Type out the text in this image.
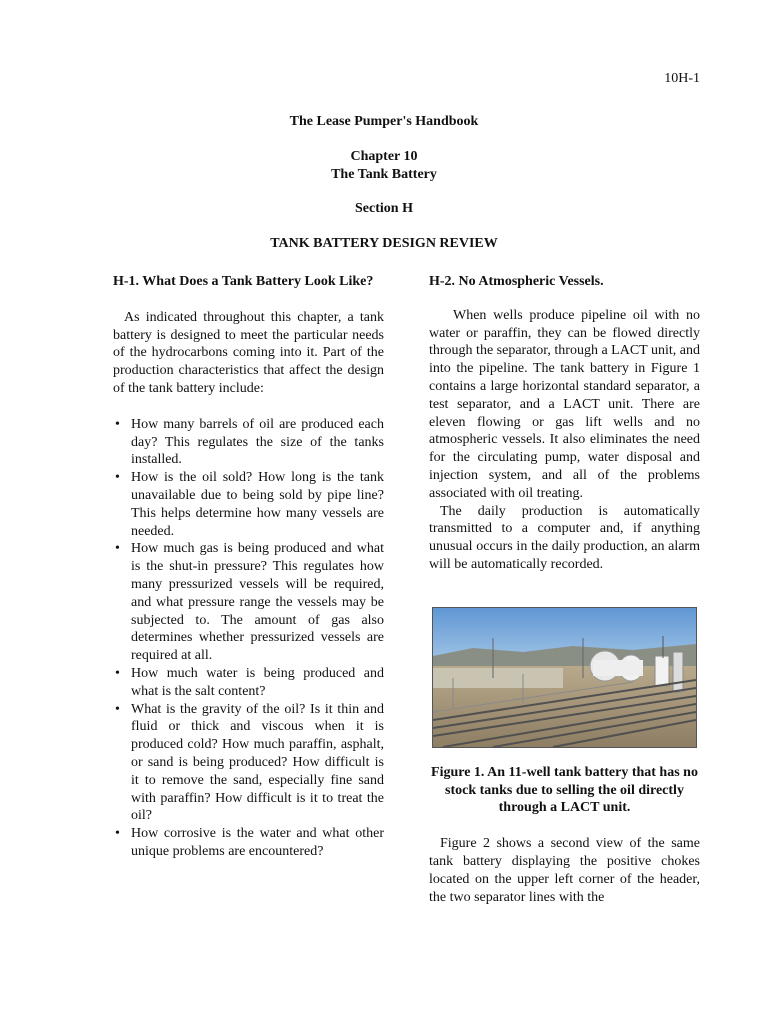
10H-1
The Lease Pumper's Handbook
Chapter 10
The Tank Battery
Section H
TANK BATTERY DESIGN REVIEW

H-1. What Does a Tank Battery Look Like?

As indicated throughout this chapter, a tank battery is designed to meet the particular needs of the hydrocarbons coming into it. Part of the production characteristics that affect the design of the tank battery include:

• How many barrels of oil are produced each day? This regulates the size of the tanks installed.
• How is the oil sold? How long is the tank unavailable due to being sold by pipe line? This helps determine how many vessels are needed.
• How much gas is being produced and what is the shut-in pressure? This regulates how many pressurized vessels will be required, and what pressure range the vessels may be subjected to. The amount of gas also determines whether pressurized vessels are required at all.
• How much water is being produced and what is the salt content?
• What is the gravity of the oil? Is it thin and fluid or thick and viscous when it is produced cold? How much paraffin, asphalt, or sand is being produced? How difficult is it to remove the sand, especially fine sand with paraffin? How difficult is it to treat the oil?
• How corrosive is the water and what other unique problems are encountered?

H-2. No Atmospheric Vessels.

When wells produce pipeline oil with no water or paraffin, they can be flowed directly through the separator, through a LACT unit, and into the pipeline. The tank battery in Figure 1 contains a large horizontal standard separator, a test separator, and a LACT unit. There are eleven flowing or gas lift wells and no atmospheric vessels. It also eliminates the need for the circulating pump, water disposal and injection system, and all of the problems associated with oil treating.

The daily production is automatically transmitted to a computer and, if anything unusual occurs in the daily production, an alarm will be automatically recorded.

Figure 1. An 11-well tank battery that has no stock tanks due to selling the oil directly through a LACT unit.

Figure 2 shows a second view of the same tank battery displaying the positive chokes located on the upper left corner of the header, the two separator lines with the
